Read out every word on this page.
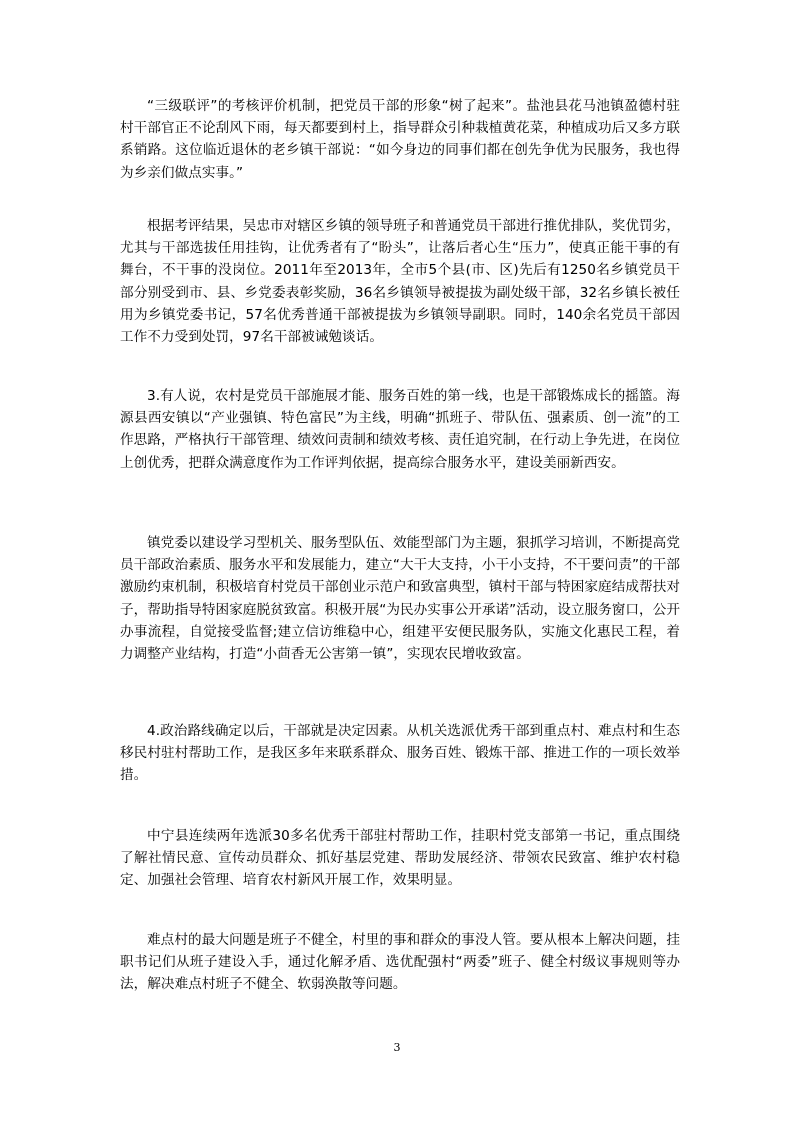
“三级联评”的考核评价机制，把党员干部的形象“树了起来”。盐池县花马池镇盈德村驻村干部官正不论刮风下雨，每天都要到村上，指导群众引种栽植黄花菜，种植成功后又多方联系销路。这位临近退休的老乡镇干部说：“如今身边的同事们都在创先争优为民服务，我也得为乡亲们做点实事。”

根据考评结果，吴忠市对辖区乡镇的领导班子和普通党员干部进行推优排队，奖优罚劣，尤其与干部选拔任用挂钩，让优秀者有了“盼头”，让落后者心生“压力”，使真正能干事的有舞台，不干事的没岗位。2011年至2013年，全市5个县(市、区)先后有1250名乡镇党员干部分别受到市、县、乡党委表彰奖励，36名乡镇领导被提拔为副处级干部，32名乡镇长被任用为乡镇党委书记，57名优秀普通干部被提拔为乡镇领导副职。同时，140余名党员干部因工作不力受到处罚，97名干部被诫勉谈话。

3.有人说，农村是党员干部施展才能、服务百姓的第一线，也是干部锻炼成长的摇篮。海源县西安镇以“产业强镇、特色富民”为主线，明确“抓班子、带队伍、强素质、创一流”的工作思路，严格执行干部管理、绩效问责制和绩效考核、责任追究制，在行动上争先进，在岗位上创优秀，把群众满意度作为工作评判依据，提高综合服务水平，建设美丽新西安。

镇党委以建设学习型机关、服务型队伍、效能型部门为主题，狠抓学习培训，不断提高党员干部政治素质、服务水平和发展能力，建立“大干大支持，小干小支持，不干要问责”的干部激励约束机制，积极培育村党员干部创业示范户和致富典型，镇村干部与特困家庭结成帮扶对子，帮助指导特困家庭脱贫致富。积极开展“为民办实事公开承诺”活动，设立服务窗口，公开办事流程，自觉接受监督;建立信访维稳中心，组建平安便民服务队，实施文化惠民工程，着力调整产业结构，打造“小茴香无公害第一镇”，实现农民增收致富。

4.政治路线确定以后，干部就是决定因素。从机关选派优秀干部到重点村、难点村和生态移民村驻村帮助工作，是我区多年来联系群众、服务百姓、锻炼干部、推进工作的一项长效举措。

中宁县连续两年选派30多名优秀干部驻村帮助工作，挂职村党支部第一书记，重点围绕了解社情民意、宣传动员群众、抓好基层党建、帮助发展经济、带领农民致富、维护农村稳定、加强社会管理、培育农村新风开展工作，效果明显。

难点村的最大问题是班子不健全，村里的事和群众的事没人管。要从根本上解决问题，挂职书记们从班子建设入手，通过化解矛盾、选优配强村“两委”班子、健全村级议事规则等办法，解决难点村班子不健全、软弱涣散等问题。

3
